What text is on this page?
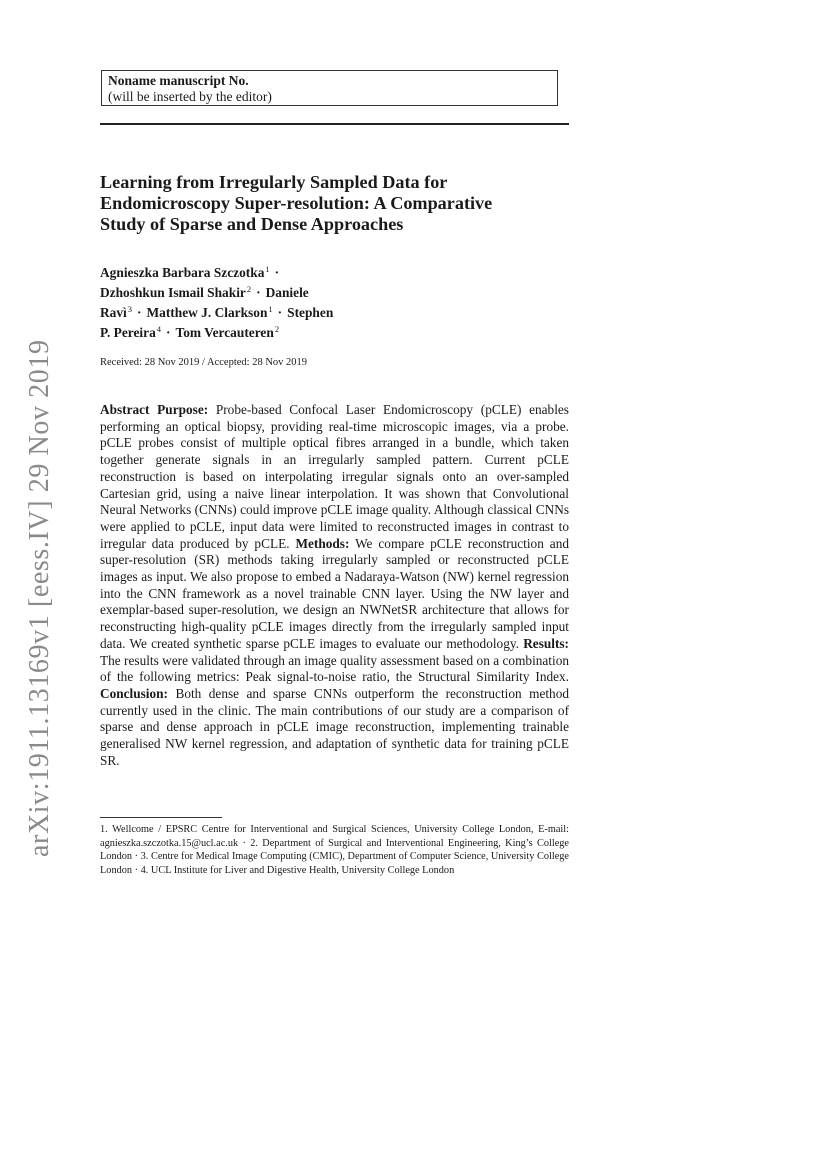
Noname manuscript No.
(will be inserted by the editor)
Learning from Irregularly Sampled Data for
Endomicroscopy Super-resolution: A Comparative
Study of Sparse and Dense Approaches
Agnieszka Barbara Szczotka$^1$ ·
Dzhoshkun Ismail Shakir$^2$ · Daniele
Ravì$^3$ · Matthew J. Clarkson$^1$ · Stephen
P. Pereira$^4$ · Tom Vercauteren$^2$
Received: 28 Nov 2019 / Accepted: 28 Nov 2019

Abstract Purpose: Probe-based Confocal Laser Endomicroscopy (pCLE) enables performing an optical biopsy, providing real-time microscopic images, via a probe. pCLE probes consist of multiple optical fibres arranged in a bundle, which taken together generate signals in an irregularly sampled pattern. Current pCLE reconstruction is based on interpolating irregular signals onto an over-sampled Cartesian grid, using a naive linear interpolation. It was shown that Convolutional Neural Networks (CNNs) could improve pCLE image quality. Although classical CNNs were applied to pCLE, input data were limited to reconstructed images in contrast to irregular data produced by pCLE. Methods: We compare pCLE reconstruction and super-resolution (SR) methods taking irregularly sampled or reconstructed pCLE images as input. We also propose to embed a Nadaraya-Watson (NW) kernel regression into the CNN framework as a novel trainable CNN layer. Using the NW layer and exemplar-based super-resolution, we design an NWNetSR architecture that allows for reconstructing high-quality pCLE images directly from the irregularly sampled input data. We created synthetic sparse pCLE images to evaluate our methodology. Results: The results were validated through an image quality assessment based on a combination of the following metrics: Peak signal-to-noise ratio, the Structural Similarity Index. Conclusion: Both dense and sparse CNNs outperform the reconstruction method currently used in the clinic. The main contributions of our study are a comparison of sparse and dense approach in pCLE image reconstruction, implementing trainable generalised NW kernel regression, and adaptation of synthetic data for training pCLE SR.

1. Wellcome / EPSRC Centre for Interventional and Surgical Sciences, University College London, E-mail: agnieszka.szczotka.15@ucl.ac.uk · 2. Department of Surgical and Interventional Engineering, King’s College London · 3. Centre for Medical Image Computing (CMIC), Department of Computer Science, University College London · 4. UCL Institute for Liver and Digestive Health, University College London
arXiv:1911.13169v1 [eess.IV] 29 Nov 2019
